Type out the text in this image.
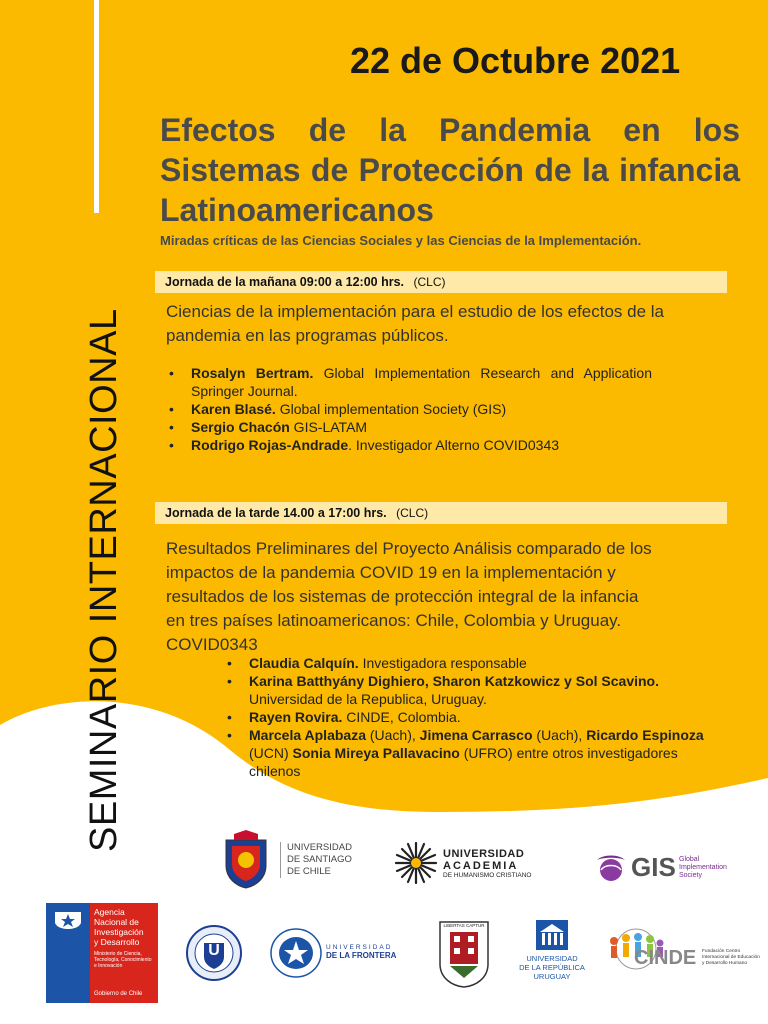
SEMINARIO INTERNACIONAL
22 de Octubre 2021
Efectos de la Pandemia en los Sistemas de Protección de la infancia Latinoamericanos
Miradas críticas de las Ciencias Sociales y las Ciencias de la Implementación.
Jornada de la mañana 09:00 a 12:00 hrs. (CLC)
Ciencias de la implementación para el estudio de los efectos de la pandemia en las programas públicos.
• Rosalyn Bertram. Global Implementation Research and Application Springer Journal.
• Karen Blasé. Global implementation Society (GIS)
• Sergio Chacón GIS-LATAM
• Rodrigo Rojas-Andrade. Investigador Alterno COVID0343
Jornada de la tarde 14.00 a 17:00 hrs. (CLC)
Resultados Preliminares del Proyecto Análisis comparado de los impactos de la pandemia COVID 19 en la implementación y resultados de los sistemas de protección integral de la infancia en tres países latinoamericanos: Chile, Colombia y Uruguay. COVID0343
• Claudia Calquín. Investigadora responsable
• Karina Batthyány Dighiero, Sharon Katzkowicz y Sol Scavino. Universidad de la Republica, Uruguay.
• Rayen Rovira. CINDE, Colombia.
• Marcela Aplabaza (Uach), Jimena Carrasco (Uach), Ricardo Espinoza (UCN) Sonia Mireya Pallavacino (UFRO) entre otros investigadores chilenos
UNIVERSIDAD
DE SANTIAGO
DE CHILE
UNIVERSIDAD
ACADEMIA
DE HUMANISMO CRISTIANO	GIS Global
Implementation
Society
Agencia
Nacional de
Investigación
y Desarrollo
Ministerio de Ciencia,
Tecnología, Conocimiento
e Innovación
Gobierno de Chile
U	UNIVERSIDAD
DE LA FRONTERA
LIBERTAS CAPTUR
UNIVERSIDAD
DE LA REPÚBLICA
URUGUAY
CINDE Fundación Centro
Internacional de Educación
y Desarrollo Humano
